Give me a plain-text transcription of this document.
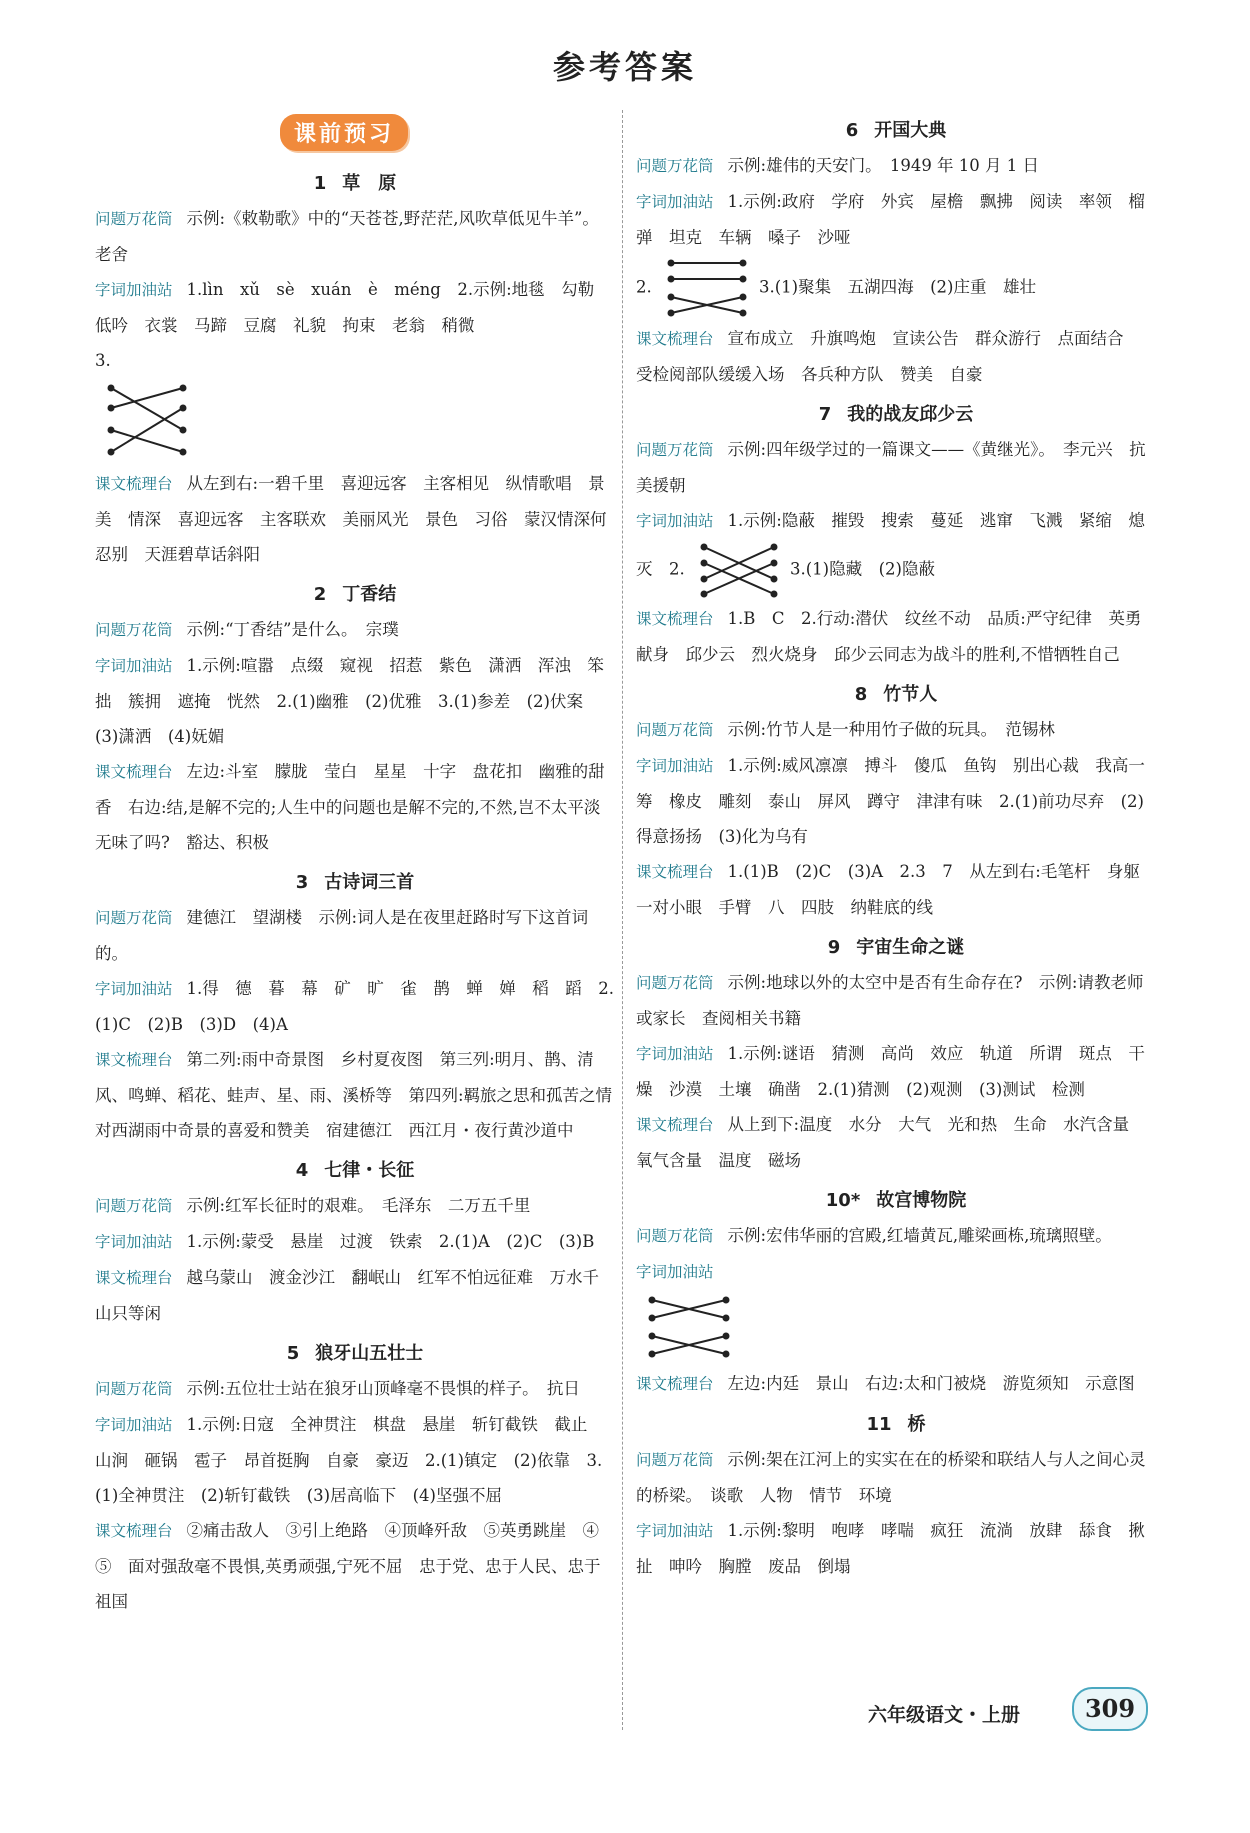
参考答案
课前预习
1 草　原

问题万花筒 示例:《敕勒歌》中的“天苍苍,野茫茫,风吹草低见牛羊”。　老舍

字词加油站 1.lìn　xǔ　sè　xuán　è　méng　2.示例:地毯　勾勒　低吟　衣裳　马蹄　豆腐　礼貌　拘束　老翁　稍微

3.

课文梳理台 从左到右:一碧千里　喜迎远客　主客相见　纵情歌唱　景美　情深　喜迎远客　主客联欢　美丽风光　景色　习俗　蒙汉情深何忍别　天涯碧草话斜阳

2 丁香结

问题万花筒 示例:“丁香结”是什么。　宗璞

字词加油站 1.示例:喧嚣　点缀　窥视　招惹　紫色　潇洒　浑浊　笨拙　簇拥　遮掩　恍然　2.(1)幽雅　(2)优雅　3.(1)参差　(2)伏案　(3)潇洒　(4)妩媚

课文梳理台 左边:斗室　朦胧　莹白　星星　十字　盘花扣　幽雅的甜香　右边:结,是解不完的;人生中的问题也是解不完的,不然,岂不太平淡无味了吗?　豁达、积极

3 古诗词三首

问题万花筒 建德江　望湖楼　示例:词人是在夜里赶路时写下这首词的。

字词加油站 1.得　德　暮　幕　矿　旷　雀　鹊　蝉　婵　稻　蹈　2.(1)C　(2)B　(3)D　(4)A

课文梳理台 第二列:雨中奇景图　乡村夏夜图　第三列:明月、鹊、清风、鸣蝉、稻花、蛙声、星、雨、溪桥等　第四列:羁旅之思和孤苦之情　对西湖雨中奇景的喜爱和赞美　宿建德江　西江月・夜行黄沙道中

4 七律・长征

问题万花筒 示例:红军长征时的艰难。　毛泽东　二万五千里

字词加油站 1.示例:蒙受　悬崖　过渡　铁索　2.(1)A　(2)C　(3)B

课文梳理台 越乌蒙山　渡金沙江　翻岷山　红军不怕远征难　万水千山只等闲

5 狼牙山五壮士

问题万花筒 示例:五位壮士站在狼牙山顶峰毫不畏惧的样子。　抗日

字词加油站 1.示例:日寇　全神贯注　棋盘　悬崖　斩钉截铁　截止　山涧　砸锅　雹子　昂首挺胸　自豪　豪迈　2.(1)镇定　(2)依靠　3.(1)全神贯注　(2)斩钉截铁　(3)居高临下　(4)坚强不屈

课文梳理台 ②痛击敌人　③引上绝路　④顶峰歼敌　⑤英勇跳崖　④　⑤　面对强敌毫不畏惧,英勇顽强,宁死不屈　忠于党、忠于人民、忠于祖国

6 开国大典

问题万花筒 示例:雄伟的天安门。　1949 年 10 月 1 日

字词加油站 1.示例:政府　学府　外宾　屋檐　飘拂　阅读　率领　榴弹　坦克　车辆　嗓子　沙哑

2.	3.(1)聚集　五湖四海　(2)庄重　雄壮

课文梳理台 宣布成立　升旗鸣炮　宣读公告　群众游行　点面结合　受检阅部队缓缓入场　各兵种方队　赞美　自豪

7 我的战友邱少云

问题万花筒 示例:四年级学过的一篇课文——《黄继光》。　李元兴　抗美援朝

字词加油站 1.示例:隐蔽　摧毁　搜索　蔓延　逃窜　飞溅　紧缩　熄灭　2.	3.(1)隐藏　(2)隐蔽

课文梳理台 1.B　C　2.行动:潜伏　纹丝不动　品质:严守纪律　英勇献身　邱少云　烈火烧身　邱少云同志为战斗的胜利,不惜牺牲自己

8 竹节人

问题万花筒 示例:竹节人是一种用竹子做的玩具。　范锡林

字词加油站 1.示例:威风凛凛　搏斗　傻瓜　鱼钩　别出心裁　我高一筹　橡皮　雕刻　泰山　屏风　蹲守　津津有味　2.(1)前功尽弃　(2)得意扬扬　(3)化为乌有

课文梳理台 1.(1)B　(2)C　(3)A　2.3　7　从左到右:毛笔杆　身躯　一对小眼　手臂　八　四肢　纳鞋底的线

9 宇宙生命之谜

问题万花筒 示例:地球以外的太空中是否有生命存在?　示例:请教老师或家长　查阅相关书籍

字词加油站 1.示例:谜语　猜测　高尚　效应　轨道　所谓　斑点　干燥　沙漠　土壤　确凿　2.(1)猜测　(2)观测　(3)测试　检测

课文梳理台 从上到下:温度　水分　大气　光和热　生命　水汽含量　氧气含量　温度　磁场

10* 故宫博物院

问题万花筒 示例:宏伟华丽的宫殿,红墙黄瓦,雕梁画栋,琉璃照壁。

字词加油站

课文梳理台 左边:内廷　景山　右边:太和门被烧　游览须知　示意图

11 桥

问题万花筒 示例:架在江河上的实实在在的桥梁和联结人与人之间心灵的桥梁。　谈歌　人物　情节　环境

字词加油站 1.示例:黎明　咆哮　哮喘　疯狂　流淌　放肆　舔食　揪扯　呻吟　胸膛　废品　倒塌

六年级语文・上册	309
